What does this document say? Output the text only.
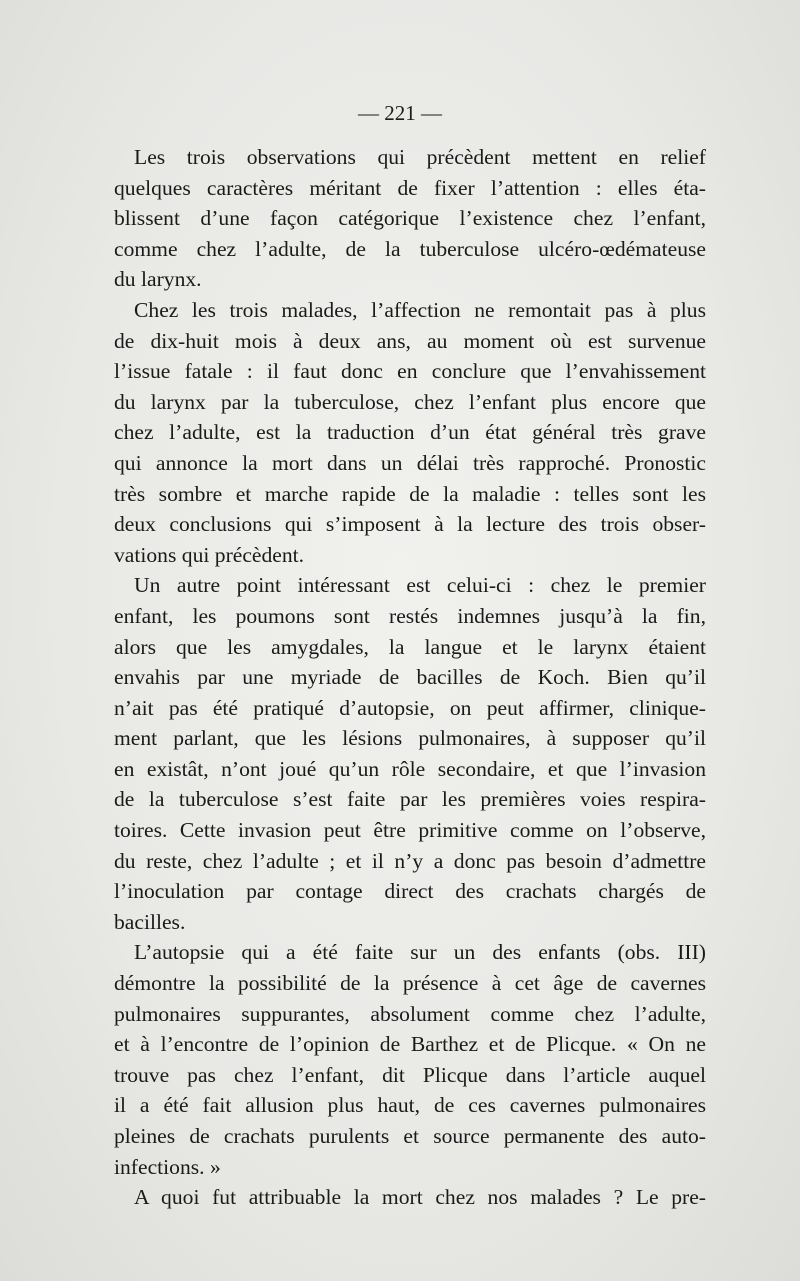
— 221 —

Les trois observations qui précèdent mettent en relief
quelques caractères méritant de fixer l’attention : elles éta-
blissent d’une façon catégorique l’existence chez l’enfant,
comme chez l’adulte, de la tuberculose ulcéro-œdémateuse
du larynx.

Chez les trois malades, l’affection ne remontait pas à plus
de dix-huit mois à deux ans, au moment où est survenue
l’issue fatale : il faut donc en conclure que l’envahissement
du larynx par la tuberculose, chez l’enfant plus encore que
chez l’adulte, est la traduction d’un état général très grave
qui annonce la mort dans un délai très rapproché. Pronostic
très sombre et marche rapide de la maladie : telles sont les
deux conclusions qui s’imposent à la lecture des trois obser-
vations qui précèdent.

Un autre point intéressant est celui-ci : chez le premier
enfant, les poumons sont restés indemnes jusqu’à la fin,
alors que les amygdales, la langue et le larynx étaient
envahis par une myriade de bacilles de Koch. Bien qu’il
n’ait pas été pratiqué d’autopsie, on peut affirmer, clinique-
ment parlant, que les lésions pulmonaires, à supposer qu’il
en existât, n’ont joué qu’un rôle secondaire, et que l’invasion
de la tuberculose s’est faite par les premières voies respira-
toires. Cette invasion peut être primitive comme on l’observe,
du reste, chez l’adulte ; et il n’y a donc pas besoin d’admettre
l’inoculation par contage direct des crachats chargés de
bacilles.

L’autopsie qui a été faite sur un des enfants (obs. III)
démontre la possibilité de la présence à cet âge de cavernes
pulmonaires suppurantes, absolument comme chez l’adulte,
et à l’encontre de l’opinion de Barthez et de Plicque. « On ne
trouve pas chez l’enfant, dit Plicque dans l’article auquel
il a été fait allusion plus haut, de ces cavernes pulmonaires
pleines de crachats purulents et source permanente des auto-
infections. »

A quoi fut attribuable la mort chez nos malades ? Le pre-
